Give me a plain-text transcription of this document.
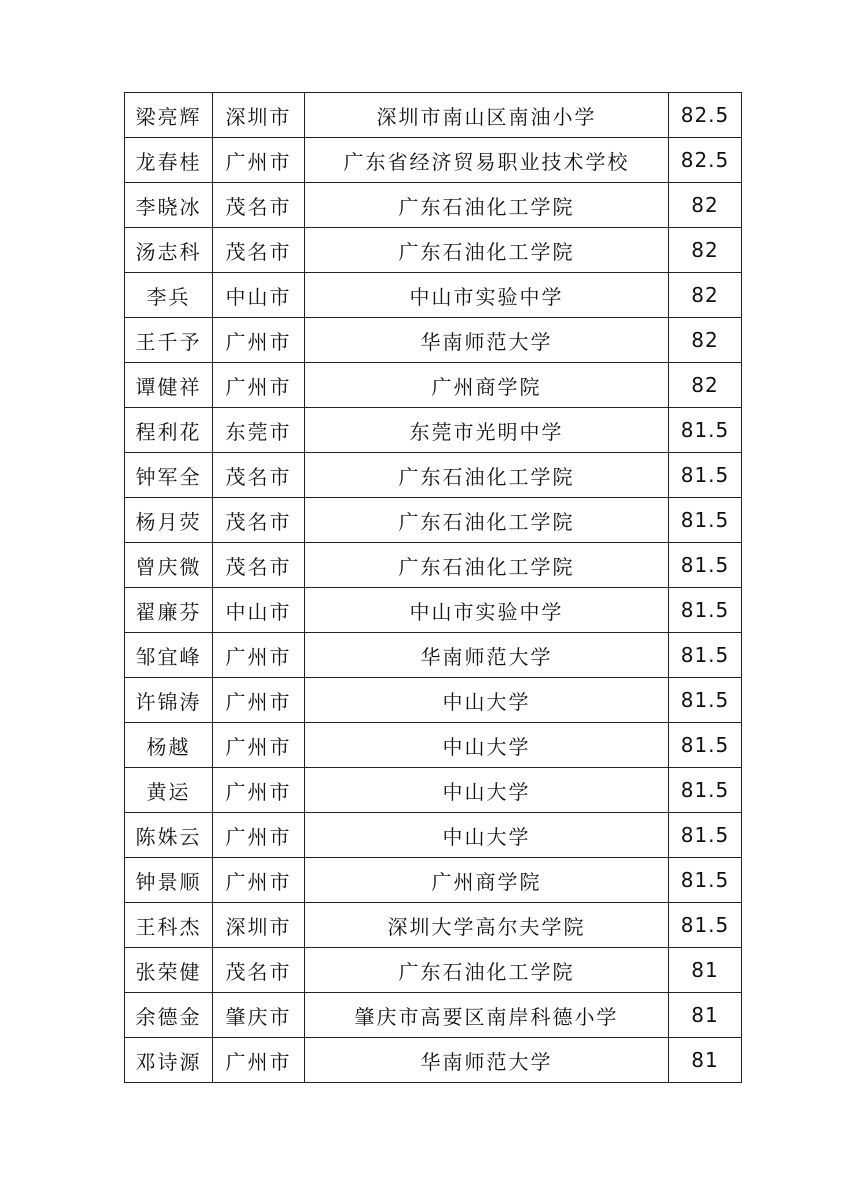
梁亮辉	深圳市	深圳市南山区南油小学	82.5
龙春桂	广州市	广东省经济贸易职业技术学校	82.5
李晓冰	茂名市	广东石油化工学院	82
汤志科	茂名市	广东石油化工学院	82
李兵	中山市	中山市实验中学	82
王千予	广州市	华南师范大学	82
谭健祥	广州市	广州商学院	82
程利花	东莞市	东莞市光明中学	81.5
钟军全	茂名市	广东石油化工学院	81.5
杨月荧	茂名市	广东石油化工学院	81.5
曾庆微	茂名市	广东石油化工学院	81.5
翟廉芬	中山市	中山市实验中学	81.5
邹宜峰	广州市	华南师范大学	81.5
许锦涛	广州市	中山大学	81.5
杨越	广州市	中山大学	81.5
黄运	广州市	中山大学	81.5
陈姝云	广州市	中山大学	81.5
钟景顺	广州市	广州商学院	81.5
王科杰	深圳市	深圳大学高尔夫学院	81.5
张荣健	茂名市	广东石油化工学院	81
余德金	肇庆市	肇庆市高要区南岸科德小学	81
邓诗源	广州市	华南师范大学	81
